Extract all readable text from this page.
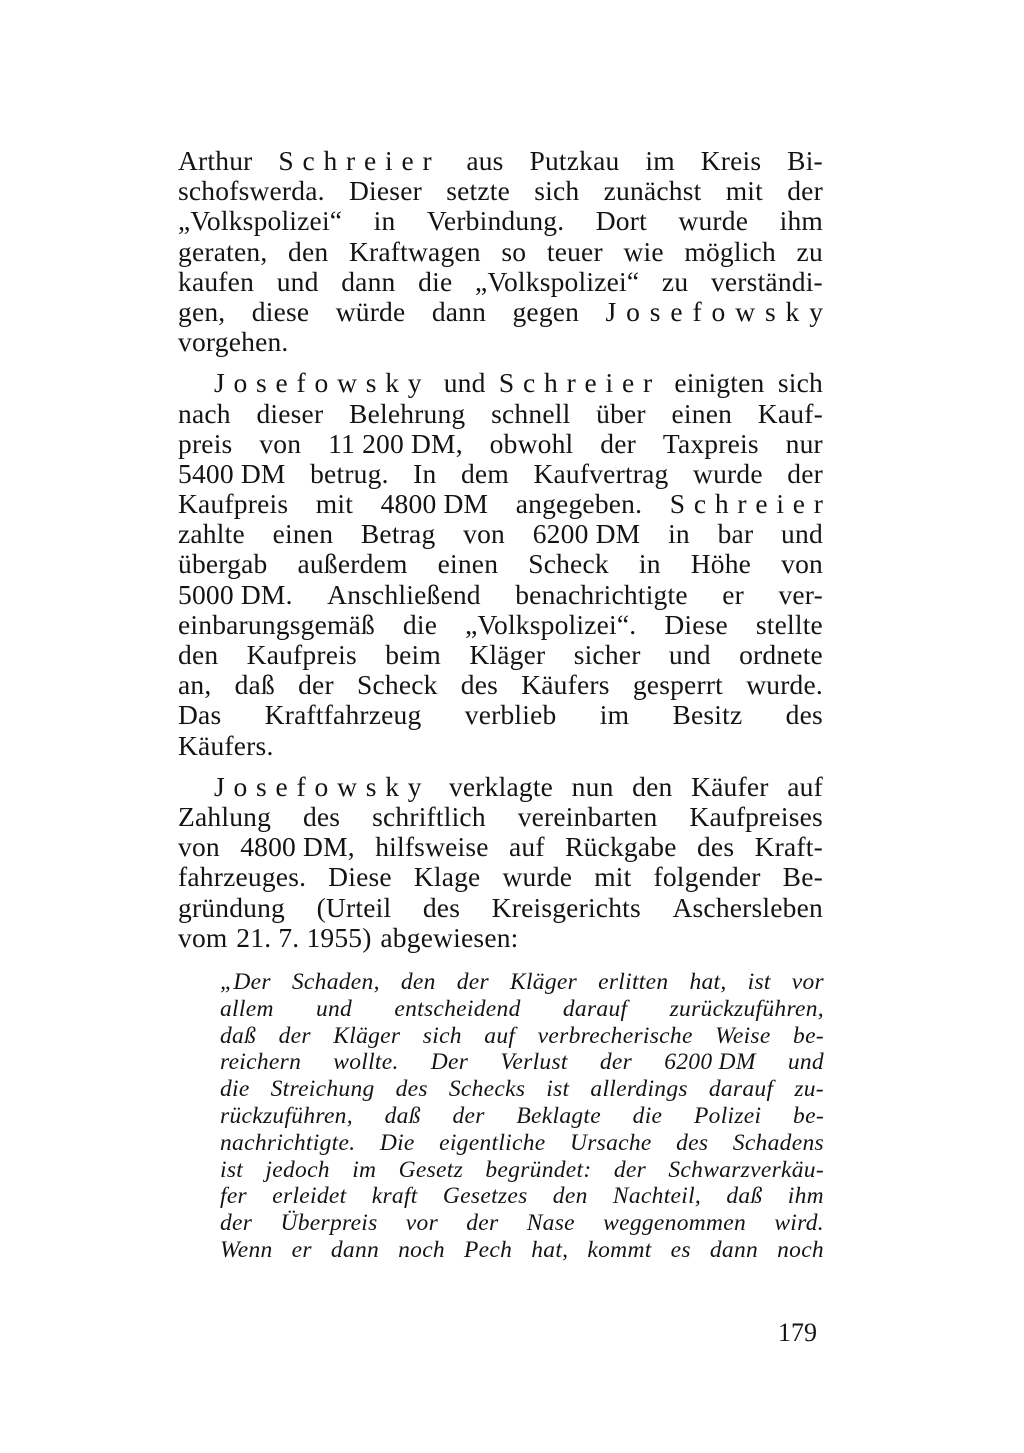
Arthur Schreier aus Putzkau im Kreis Bi-
schofswerda. Dieser setzte sich zunächst mit der
„Volkspolizei“ in Verbindung. Dort wurde ihm
geraten, den Kraftwagen so teuer wie möglich zu
kaufen und dann die „Volkspolizei“ zu verständi-
gen, diese würde dann gegen Josefowsky
vorgehen.
Josefowsky und Schreier einigten sich
nach dieser Belehrung schnell über einen Kauf-
preis von 11 200 DM, obwohl der Taxpreis nur
5400 DM betrug. In dem Kaufvertrag wurde der
Kaufpreis mit 4800 DM angegeben. Schreier
zahlte einen Betrag von 6200 DM in bar und
übergab außerdem einen Scheck in Höhe von
5000 DM. Anschließend benachrichtigte er ver-
einbarungsgemäß die „Volkspolizei“. Diese stellte
den Kaufpreis beim Kläger sicher und ordnete
an, daß der Scheck des Käufers gesperrt wurde.
Das Kraftfahrzeug verblieb im Besitz des
Käufers.
Josefowsky verklagte nun den Käufer auf
Zahlung des schriftlich vereinbarten Kaufpreises
von 4800 DM, hilfsweise auf Rückgabe des Kraft-
fahrzeuges. Diese Klage wurde mit folgender Be-
gründung (Urteil des Kreisgerichts Aschersleben
vom 21. 7. 1955) abgewiesen:
„Der Schaden, den der Kläger erlitten hat, ist vor
allem und entscheidend darauf zurückzuführen,
daß der Kläger sich auf verbrecherische Weise be-
reichern wollte. Der Verlust der 6200 DM und
die Streichung des Schecks ist allerdings darauf zu-
rückzuführen, daß der Beklagte die Polizei be-
nachrichtigte. Die eigentliche Ursache des Schadens
ist jedoch im Gesetz begründet: der Schwarzverkäu-
fer erleidet kraft Gesetzes den Nachteil, daß ihm
der Überpreis vor der Nase weggenommen wird.
Wenn er dann noch Pech hat, kommt es dann noch
179
